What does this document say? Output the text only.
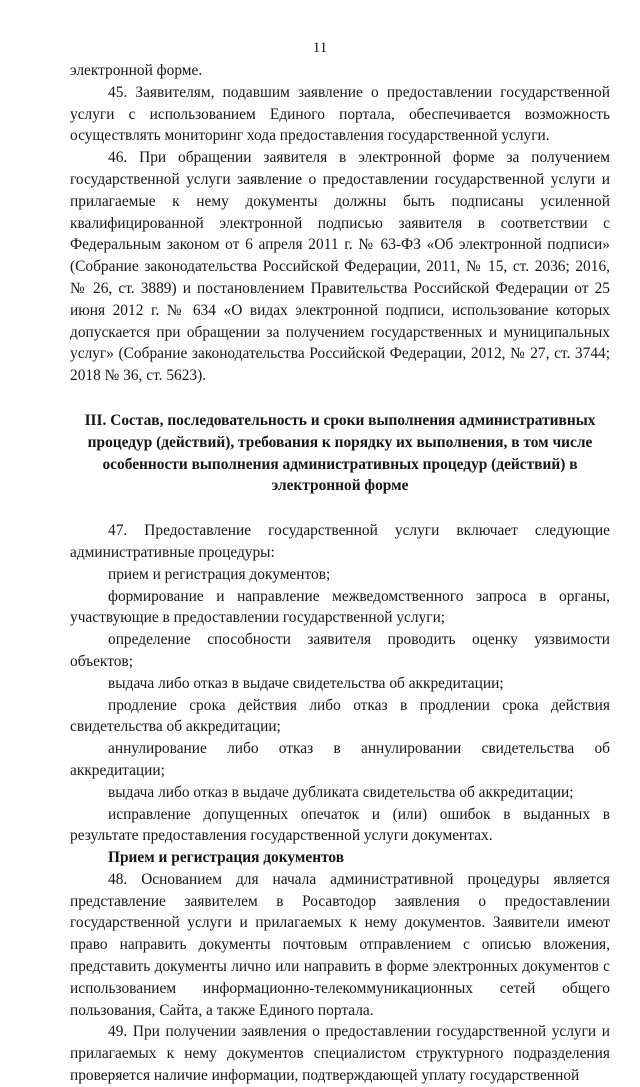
11

электронной форме.

45. Заявителям, подавшим заявление о предоставлении государственной услуги с использованием Единого портала, обеспечивается возможность осуществлять мониторинг хода предоставления государственной услуги.

46. При обращении заявителя в электронной форме за получением государственной услуги заявление о предоставлении государственной услуги и прилагаемые к нему документы должны быть подписаны усиленной квалифицированной электронной подписью заявителя в соответствии с Федеральным законом от 6 апреля 2011 г. № 63-ФЗ «Об электронной подписи» (Собрание законодательства Российской Федерации, 2011, № 15, ст. 2036; 2016, № 26, ст. 3889) и постановлением Правительства Российской Федерации от 25 июня 2012 г. № 634 «О видах электронной подписи, использование которых допускается при обращении за получением государственных и муниципальных услуг» (Собрание законодательства Российской Федерации, 2012, № 27, ст. 3744; 2018 № 36, ст. 5623).

III. Состав, последовательность и сроки выполнения административных процедур (действий), требования к порядку их выполнения, в том числе особенности выполнения административных процедур (действий) в электронной форме

47. Предоставление государственной услуги включает следующие административные процедуры:

прием и регистрация документов;

формирование и направление межведомственного запроса в органы, участвующие в предоставлении государственной услуги;

определение способности заявителя проводить оценку уязвимости объектов;

выдача либо отказ в выдаче свидетельства об аккредитации;

продление срока действия либо отказ в продлении срока действия свидетельства об аккредитации;

аннулирование либо отказ в аннулировании свидетельства об аккредитации;

выдача либо отказ в выдаче дубликата свидетельства об аккредитации;

исправление допущенных опечаток и (или) ошибок в выданных в результате предоставления государственной услуги документах.

Прием и регистрация документов

48. Основанием для начала административной процедуры является представление заявителем в Росавтодор заявления о предоставлении государственной услуги и прилагаемых к нему документов. Заявители имеют право направить документы почтовым отправлением с описью вложения, представить документы лично или направить в форме электронных документов с использованием информационно-телекоммуникационных сетей общего пользования, Сайта, а также Единого портала.

49. При получении заявления о предоставлении государственной услуги и прилагаемых к нему документов специалистом структурного подразделения проверяется наличие информации, подтверждающей уплату государственной
